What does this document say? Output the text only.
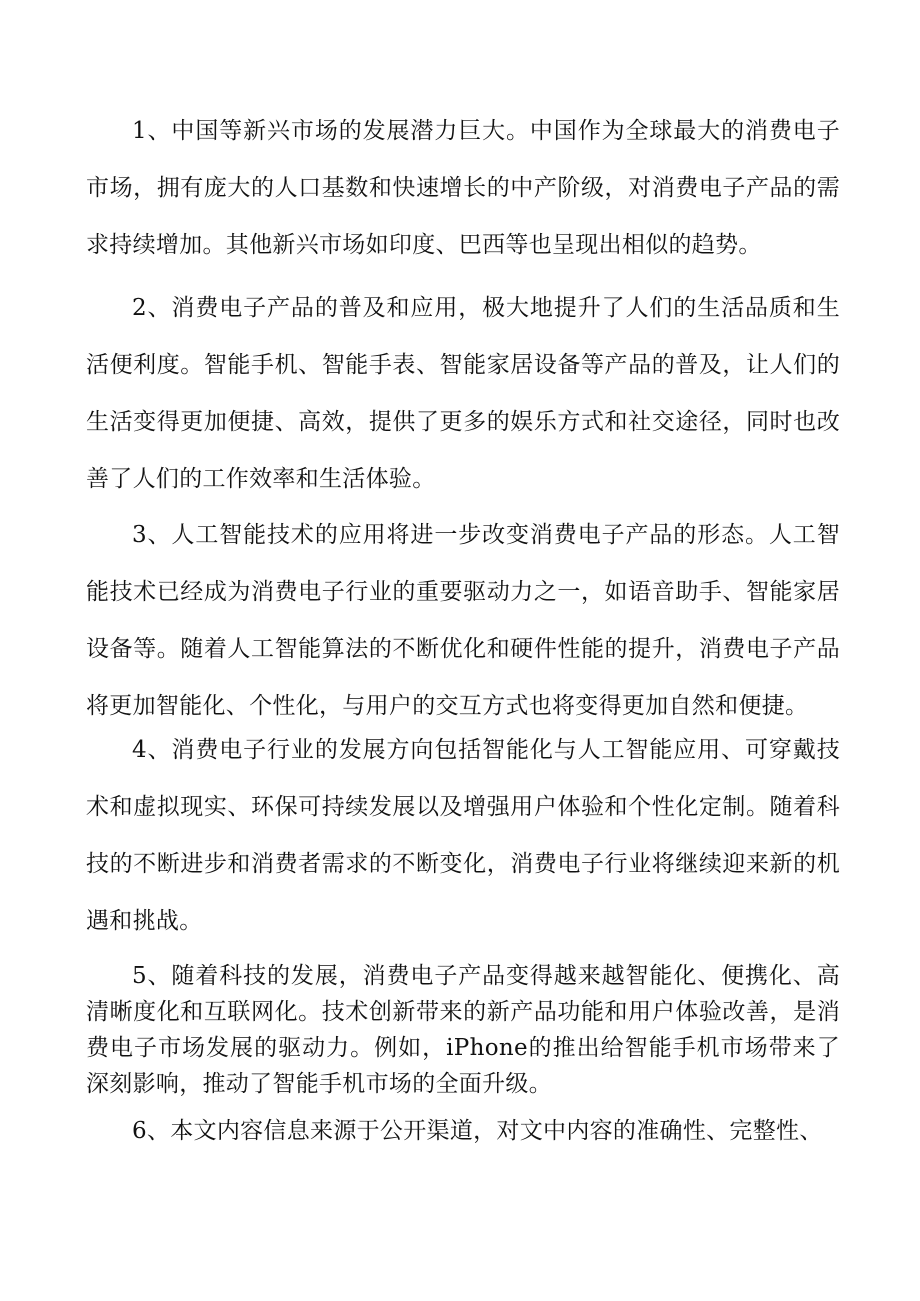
1、中国等新兴市场的发展潜力巨大。中国作为全球最大的消费电子市场，拥有庞大的人口基数和快速增长的中产阶级，对消费电子产品的需求持续增加。其他新兴市场如印度、巴西等也呈现出相似的趋势。

2、消费电子产品的普及和应用，极大地提升了人们的生活品质和生活便利度。智能手机、智能手表、智能家居设备等产品的普及，让人们的生活变得更加便捷、高效，提供了更多的娱乐方式和社交途径，同时也改善了人们的工作效率和生活体验。

3、人工智能技术的应用将进一步改变消费电子产品的形态。人工智能技术已经成为消费电子行业的重要驱动力之一，如语音助手、智能家居设备等。随着人工智能算法的不断优化和硬件性能的提升，消费电子产品将更加智能化、个性化，与用户的交互方式也将变得更加自然和便捷。

4、消费电子行业的发展方向包括智能化与人工智能应用、可穿戴技术和虚拟现实、环保可持续发展以及增强用户体验和个性化定制。随着科技的不断进步和消费者需求的不断变化，消费电子行业将继续迎来新的机遇和挑战。

5、随着科技的发展，消费电子产品变得越来越智能化、便携化、高清晰度化和互联网化。技术创新带来的新产品功能和用户体验改善，是消费电子市场发展的驱动力。例如，iPhone的推出给智能手机市场带来了深刻影响，推动了智能手机市场的全面升级。

6、本文内容信息来源于公开渠道，对文中内容的准确性、完整性、
